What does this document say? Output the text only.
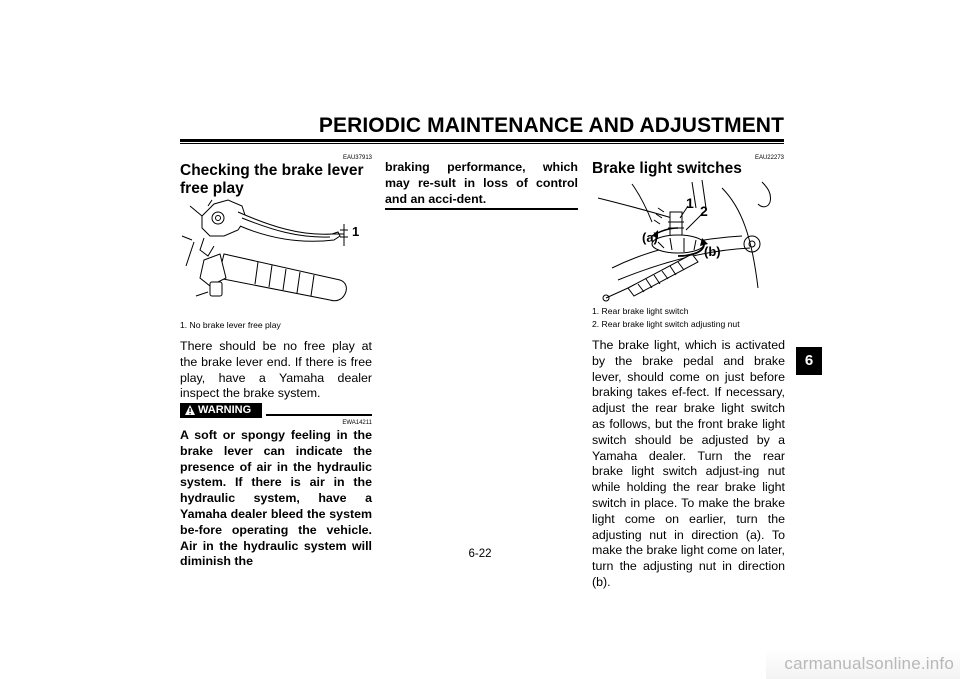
PERIODIC MAINTENANCE AND ADJUSTMENT
EAU37913
Checking the brake lever free play
1
1. No brake lever free play
There should be no free play at the brake lever end. If there is free play, have a Yamaha dealer inspect the brake system.
WARNING
EWA14211
A soft or spongy feeling in the brake lever can indicate the presence of air in the hydraulic system. If there is air in the hydraulic system, have a Yamaha dealer bleed the system be-fore operating the vehicle. Air in the hydraulic system will diminish the
braking performance, which may re-sult in loss of control and an acci-dent.
EAU22273
Brake light switches
1 2
(a)
(b)
1. Rear brake light switch
2. Rear brake light switch adjusting nut
The brake light, which is activated by the brake pedal and brake lever, should come on just before braking takes ef-fect. If necessary, adjust the rear brake light switch as follows, but the front brake light switch should be adjusted by a Yamaha dealer. Turn the rear brake light switch adjust-ing nut while holding the rear brake light switch in place. To make the brake light come on earlier, turn the adjusting nut in direction (a). To make the brake light come on later, turn the adjusting nut in direction (b).
6
6-22
carmanualsonline.info
